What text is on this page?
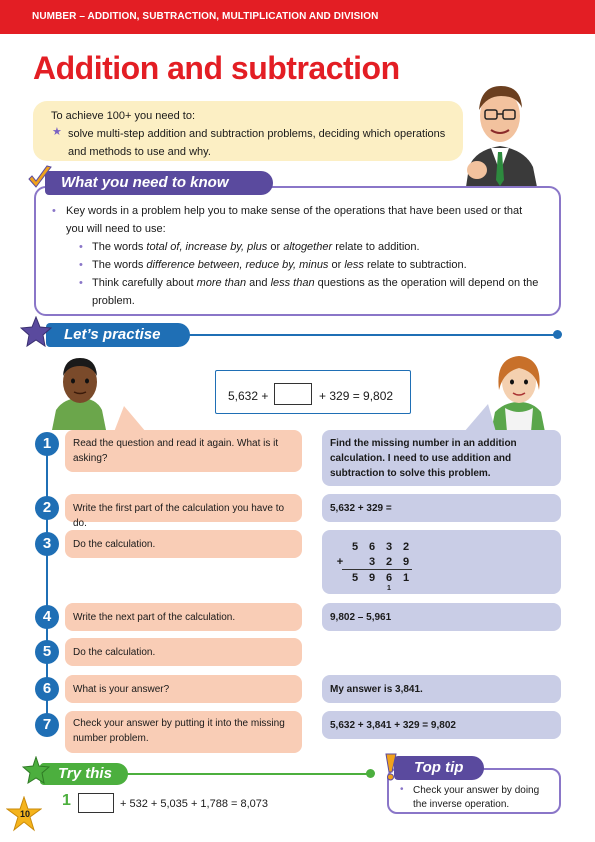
NUMBER – ADDITION, SUBTRACTION, MULTIPLICATION AND DIVISION
Addition and subtraction
To achieve 100+ you need to:
★ solve multi-step addition and subtraction problems, deciding which operations and methods to use and why.
What you need to know
• Key words in a problem help you to make sense of the operations that have been used or that you will need to use:
• The words total of, increase by, plus or altogether relate to addition.
• The words difference between, reduce by, minus or less relate to subtraction.
• Think carefully about more than and less than questions as the operation will depend on the problem.
Let’s practise
5,632 +	+ 329 = 9,802
1	Read the question and read it again. What is it asking?
Find the missing number in an addition calculation. I need to use addition and subtraction to solve this problem.
2	Write the first part of the calculation you have to do.
5,632 + 329 =
3	Do the calculation.	5 6 3 2
+ 3 2 9
5 9 6 1
1
4	Write the next part of the calculation.	9,802 – 5,961
5	Do the calculation.
6	What is your answer?	My answer is 3,841.
7	Check your answer by putting it into the missing number problem.
5,632 + 3,841 + 329 = 9,802
Try this
1	+ 532 + 5,035 + 1,788 = 8,073
Top tip
• Check your answer by doing the inverse operation.
10
